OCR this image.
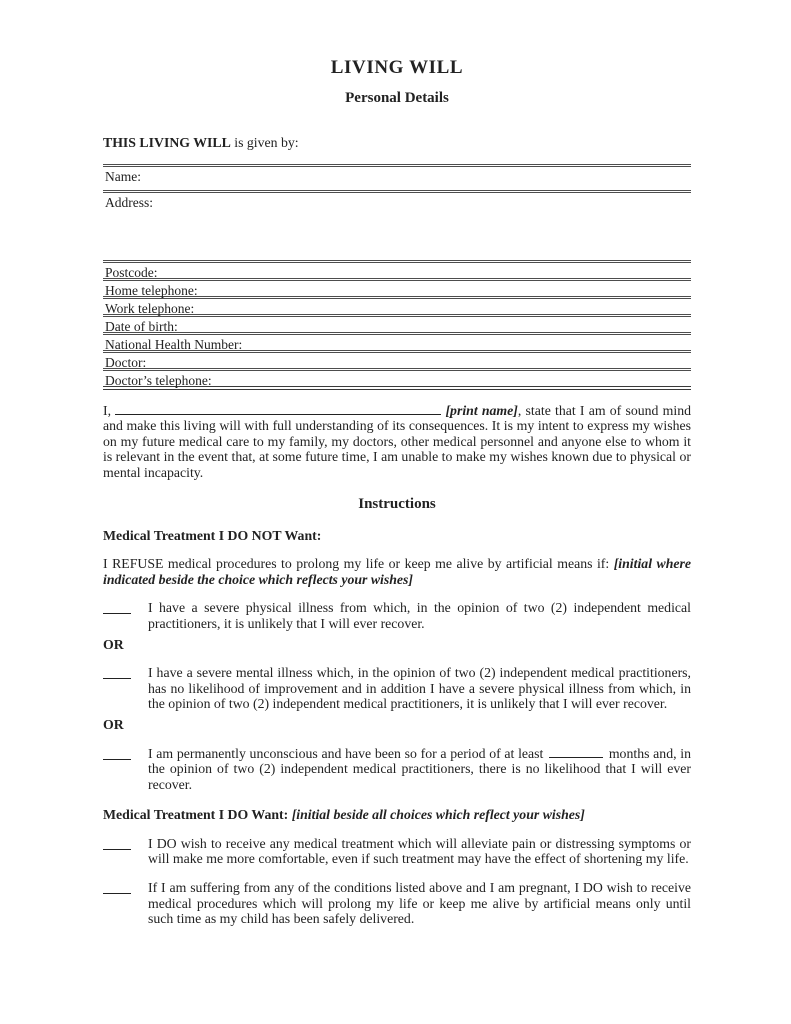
LIVING WILL
Personal Details

THIS LIVING WILL is given by:

Name:
Address:
Postcode:
Home telephone:
Work telephone:
Date of birth:
National Health Number:
Doctor:
Doctor’s telephone:

I,	[print name], state that I am of sound mind and make this living will with full understanding of its consequences. It is my intent to express my wishes on my future medical care to my family, my doctors, other medical personnel and anyone else to whom it is relevant in the event that, at some future time, I am unable to make my wishes known due to physical or mental incapacity.

Instructions

Medical Treatment I DO NOT Want:

I REFUSE medical procedures to prolong my life or keep me alive by artificial means if: [initial where indicated beside the choice which reflects your wishes]

I have a severe physical illness from which, in the opinion of two (2) independent medical practitioners, it is unlikely that I will ever recover.

OR

I have a severe mental illness which, in the opinion of two (2) independent medical practitioners, has no likelihood of improvement and in addition I have a severe physical illness from which, in the opinion of two (2) independent medical practitioners, it is unlikely that I will ever recover.

OR

I am permanently unconscious and have been so for a period of at least	months and, in the opinion of two (2) independent medical practitioners, there is no likelihood that I will ever recover.

Medical Treatment I DO Want: [initial beside all choices which reflect your wishes]

I DO wish to receive any medical treatment which will alleviate pain or distressing symptoms or will make me more comfortable, even if such treatment may have the effect of shortening my life.

If I am suffering from any of the conditions listed above and I am pregnant, I DO wish to receive medical procedures which will prolong my life or keep me alive by artificial means only until such time as my child has been safely delivered.
